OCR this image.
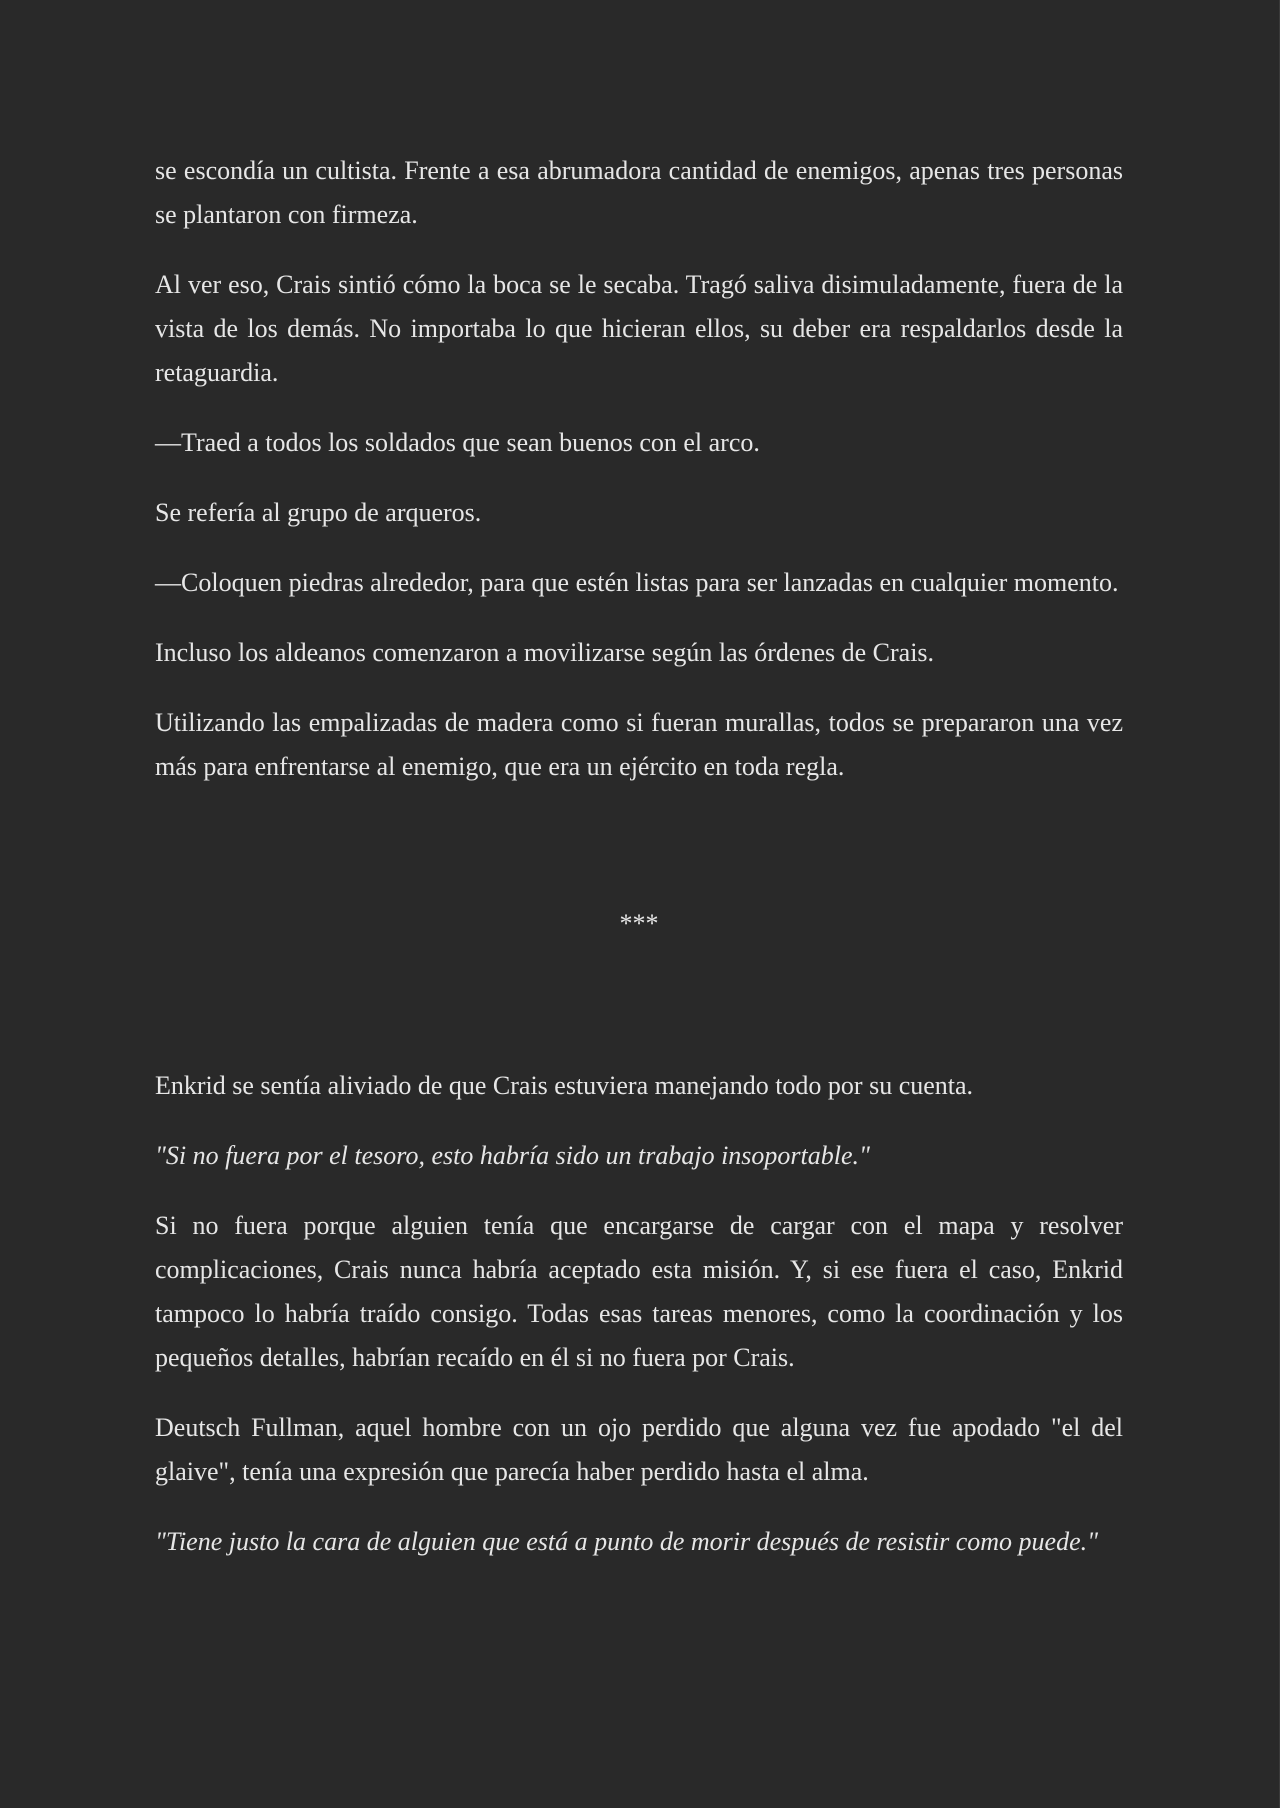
se escondía un cultista. Frente a esa abrumadora cantidad de enemigos, apenas tres personas se plantaron con firmeza.

Al ver eso, Crais sintió cómo la boca se le secaba. Tragó saliva disimuladamente, fuera de la vista de los demás. No importaba lo que hicieran ellos, su deber era respaldarlos desde la retaguardia.

—Traed a todos los soldados que sean buenos con el arco.

Se refería al grupo de arqueros.

—Coloquen piedras alrededor, para que estén listas para ser lanzadas en cualquier momento.

Incluso los aldeanos comenzaron a movilizarse según las órdenes de Crais.

Utilizando las empalizadas de madera como si fueran murallas, todos se prepararon una vez más para enfrentarse al enemigo, que era un ejército en toda regla.

***

Enkrid se sentía aliviado de que Crais estuviera manejando todo por su cuenta.

"Si no fuera por el tesoro, esto habría sido un trabajo insoportable."

Si no fuera porque alguien tenía que encargarse de cargar con el mapa y resolver complicaciones, Crais nunca habría aceptado esta misión. Y, si ese fuera el caso, Enkrid tampoco lo habría traído consigo. Todas esas tareas menores, como la coordinación y los pequeños detalles, habrían recaído en él si no fuera por Crais.

Deutsch Fullman, aquel hombre con un ojo perdido que alguna vez fue apodado "el del glaive", tenía una expresión que parecía haber perdido hasta el alma.

"Tiene justo la cara de alguien que está a punto de morir después de resistir como puede."
